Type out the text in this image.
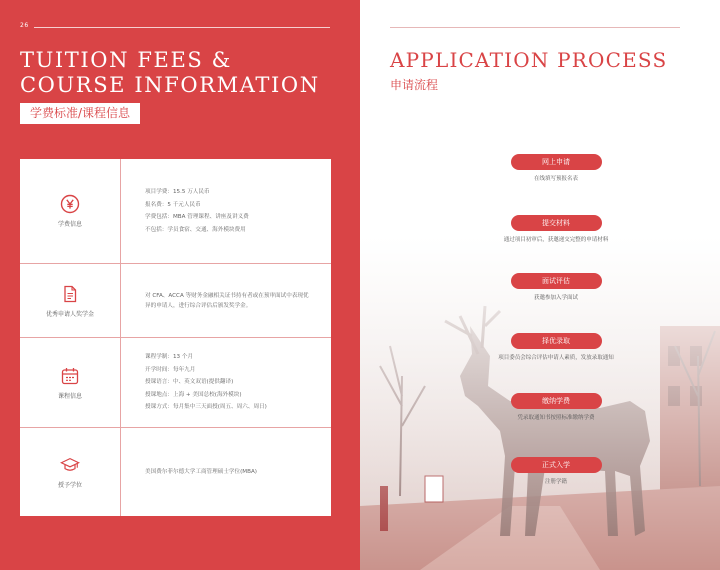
26
TUITION FEES &
COURSE INFORMATION
学费标准/课程信息
学费信息
项目学费：15.5 万人民币
报名费：5 千元人民币
学费包括：MBA 管理课程、讲座及讲义费
不包括：学员食宿、交通、海外模块费用
优秀申请人奖学金
对 CFA、ACCA 等财务金融相关证书持有者或在预审面试中表现优异的申请人，进行综合评估后颁发奖学金。
课程信息
课程学制：13 个月
开学时间：每年九月
授课语言：中、英文双语(提供翻译)
授课地点：上海 + 美国总校(海外模块)
授课方式：每月集中三天面授(周五、周六、周日)
授予学位
美国费尔菲尔德大学工商管理硕士学位(MBA)
27
APPLICATION PROCESS
申请流程
网上申请
在线填写预报名表
提交材料
通过项目初审后，获邀递交完整的申请材料
面试评估
获邀参加入学面试
择优录取
项目委员会综合评估申请人素质，发放录取通知
缴纳学费
凭录取通知书按照标准缴纳学费
正式入学
注册学籍
